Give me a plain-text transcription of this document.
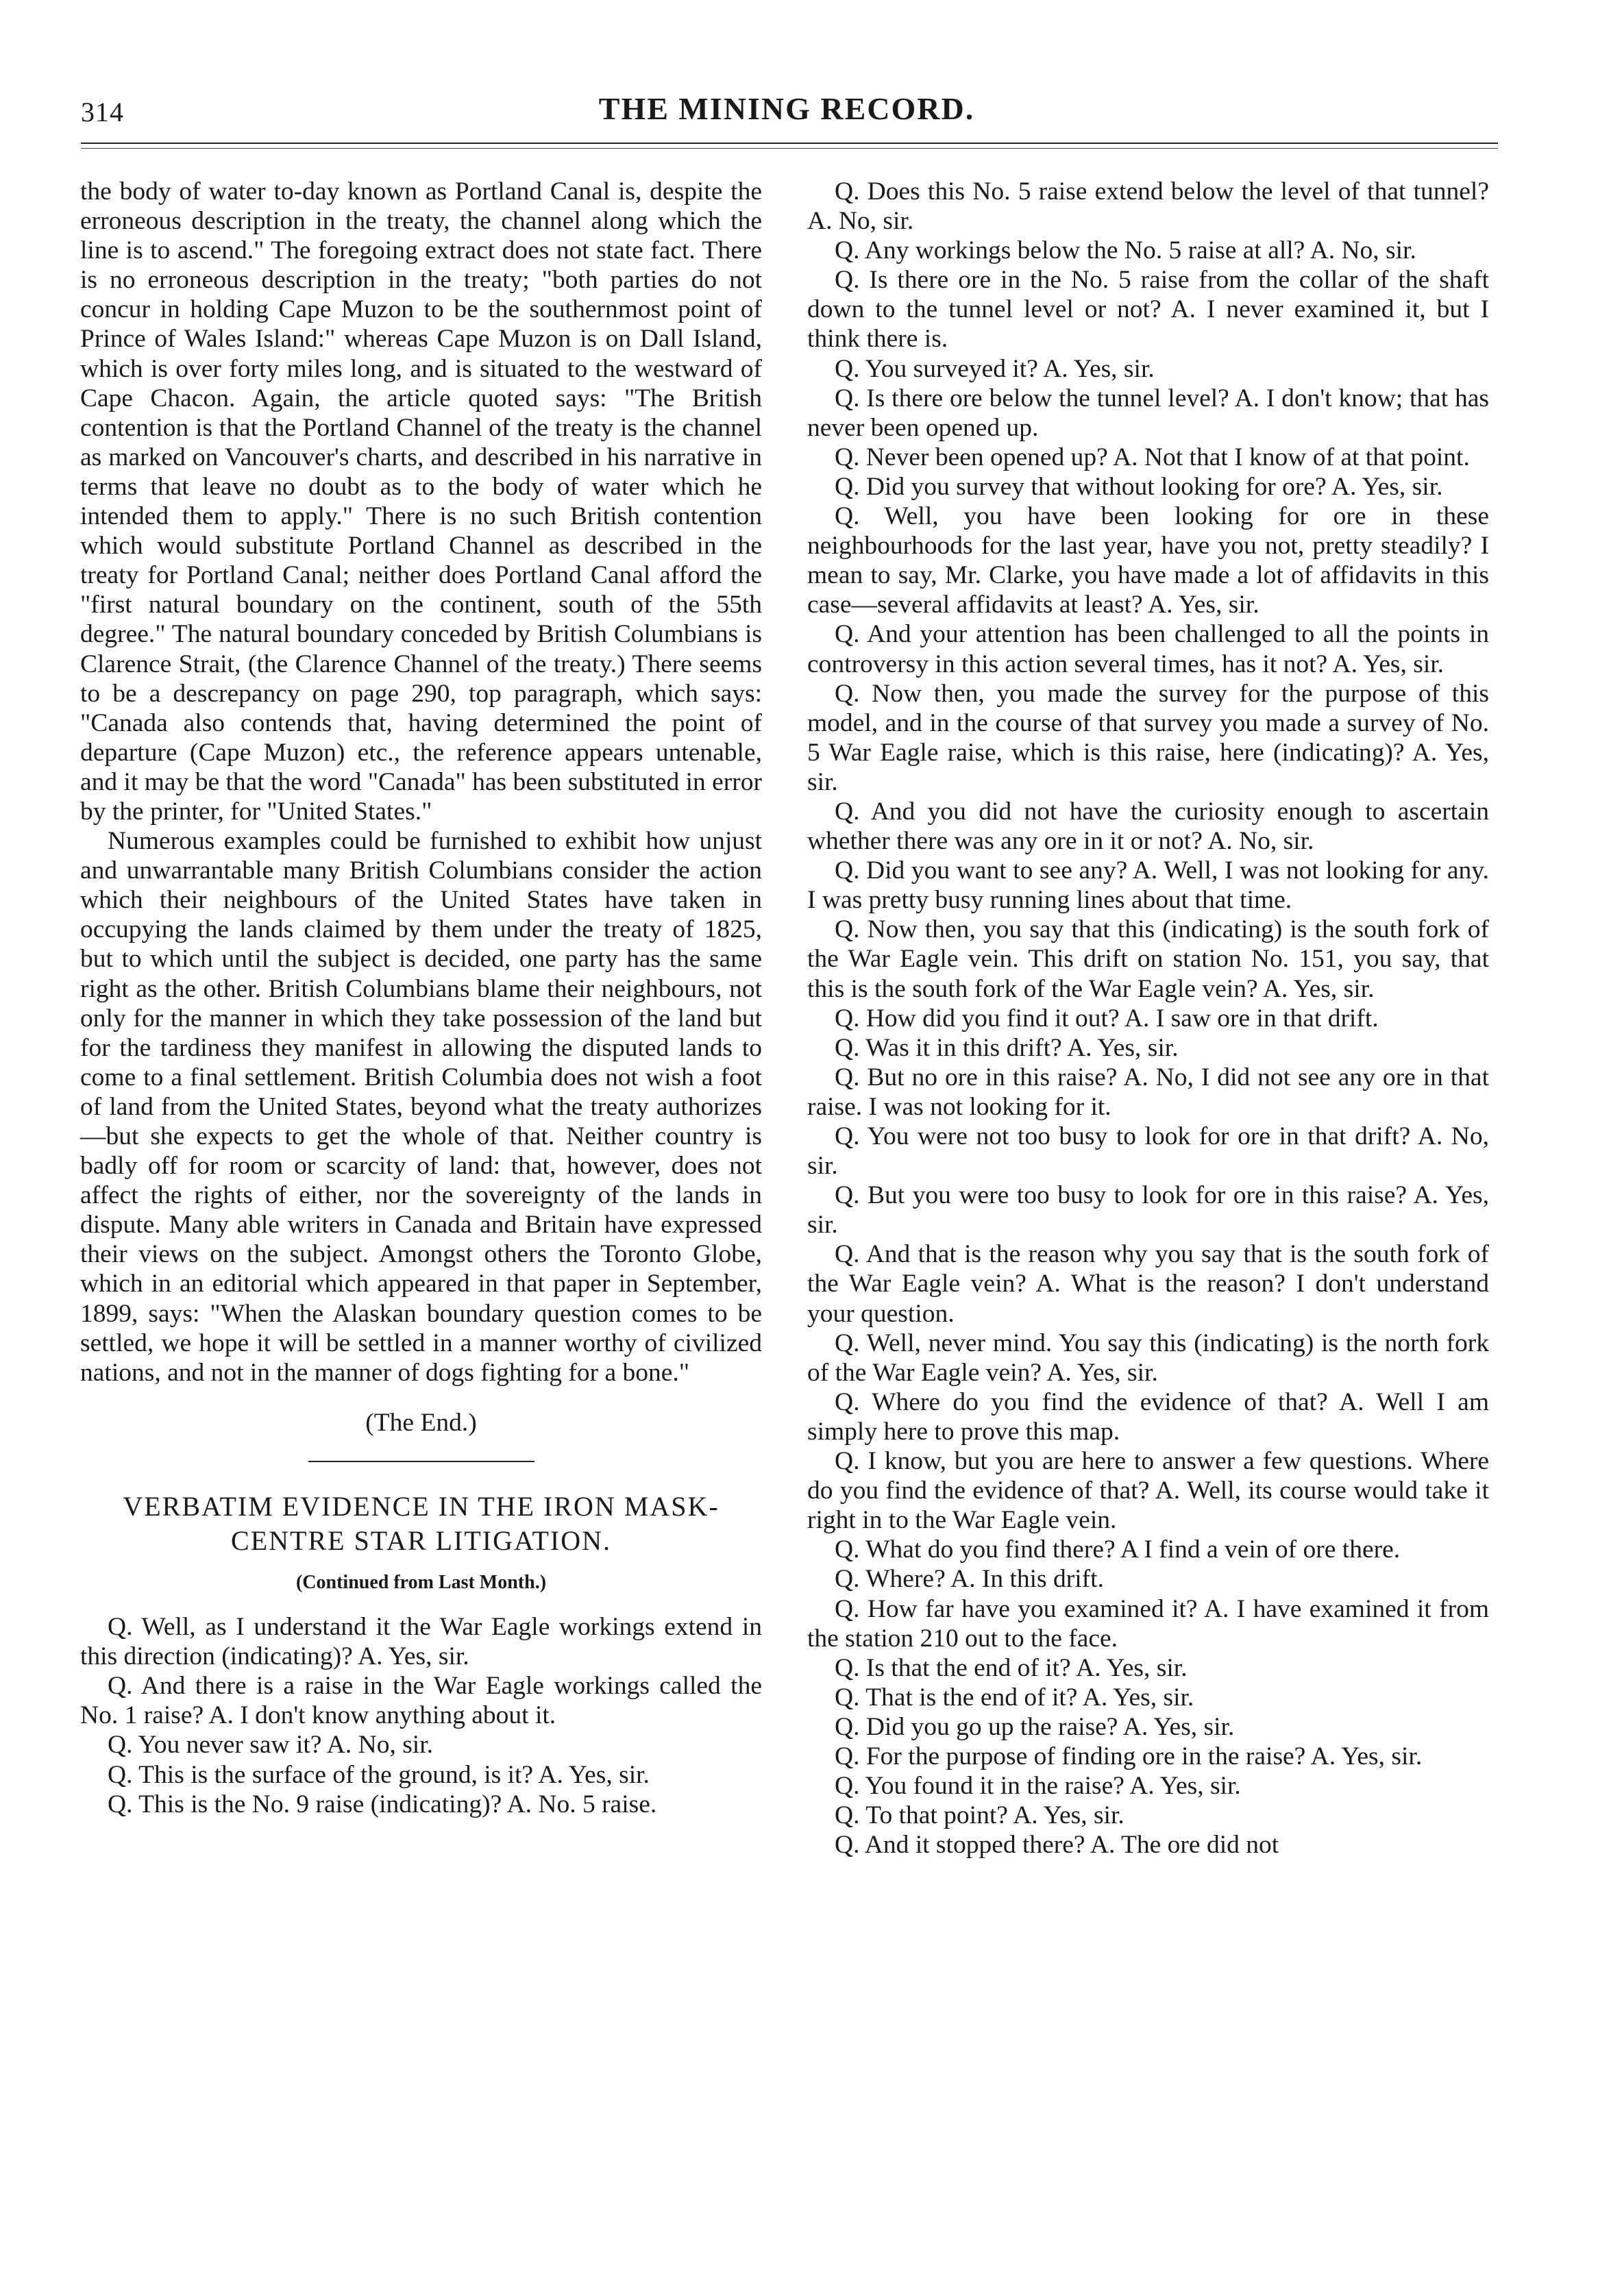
314	THE MINING RECORD.

the body of water to-day known as Portland Canal is, despite the erroneous description in the treaty, the channel along which the line is to ascend." The foregoing extract does not state fact. There is no erroneous description in the treaty; "both parties do not concur in holding Cape Muzon to be the southernmost point of Prince of Wales Island:" whereas Cape Muzon is on Dall Island, which is over forty miles long, and is situated to the westward of Cape Chacon. Again, the article quoted says: "The British contention is that the Portland Channel of the treaty is the channel as marked on Vancouver's charts, and described in his narrative in terms that leave no doubt as to the body of water which he intended them to apply." There is no such British contention which would substitute Portland Channel as described in the treaty for Portland Canal; neither does Portland Canal afford the "first natural boundary on the continent, south of the 55th degree." The natural boundary conceded by British Columbians is Clarence Strait, (the Clarence Channel of the treaty.) There seems to be a descrepancy on page 290, top paragraph, which says: "Canada also contends that, having determined the point of departure (Cape Muzon) etc., the reference appears untenable, and it may be that the word "Canada" has been substituted in error by the printer, for "United States."

Numerous examples could be furnished to exhibit how unjust and unwarrantable many British Columbians consider the action which their neighbours of the United States have taken in occupying the lands claimed by them under the treaty of 1825, but to which until the subject is decided, one party has the same right as the other. British Columbians blame their neighbours, not only for the manner in which they take possession of the land but for the tardiness they manifest in allowing the disputed lands to come to a final settlement. British Columbia does not wish a foot of land from the United States, beyond what the treaty authorizes—but she expects to get the whole of that. Neither country is badly off for room or scarcity of land: that, however, does not affect the rights of either, nor the sovereignty of the lands in dispute. Many able writers in Canada and Britain have expressed their views on the subject. Amongst others the Toronto Globe, which in an editorial which appeared in that paper in September, 1899, says: "When the Alaskan boundary question comes to be settled, we hope it will be settled in a manner worthy of civilized nations, and not in the manner of dogs fighting for a bone."

(The End.)

VERBATIM EVIDENCE IN THE IRON MASK-CENTRE STAR LITIGATION.

(Continued from Last Month.)

Q. Well, as I understand it the War Eagle workings extend in this direction (indicating)? A. Yes, sir.

Q. And there is a raise in the War Eagle workings called the No. 1 raise? A. I don't know anything about it.

Q. You never saw it? A. No, sir.

Q. This is the surface of the ground, is it? A. Yes, sir.

Q. This is the No. 9 raise (indicating)? A. No. 5 raise.

Q. Does this No. 5 raise extend below the level of that tunnel? A. No, sir.

Q. Any workings below the No. 5 raise at all? A. No, sir.

Q. Is there ore in the No. 5 raise from the collar of the shaft down to the tunnel level or not? A. I never examined it, but I think there is.

Q. You surveyed it? A. Yes, sir.

Q. Is there ore below the tunnel level? A. I don't know; that has never been opened up.

Q. Never been opened up? A. Not that I know of at that point.

Q. Did you survey that without looking for ore? A. Yes, sir.

Q. Well, you have been looking for ore in these neighbourhoods for the last year, have you not, pretty steadily? I mean to say, Mr. Clarke, you have made a lot of affidavits in this case—several affidavits at least? A. Yes, sir.

Q. And your attention has been challenged to all the points in controversy in this action several times, has it not? A. Yes, sir.

Q. Now then, you made the survey for the purpose of this model, and in the course of that survey you made a survey of No. 5 War Eagle raise, which is this raise, here (indicating)? A. Yes, sir.

Q. And you did not have the curiosity enough to ascertain whether there was any ore in it or not? A. No, sir.

Q. Did you want to see any? A. Well, I was not looking for any. I was pretty busy running lines about that time.

Q. Now then, you say that this (indicating) is the south fork of the War Eagle vein. This drift on station No. 151, you say, that this is the south fork of the War Eagle vein? A. Yes, sir.

Q. How did you find it out? A. I saw ore in that drift.

Q. Was it in this drift? A. Yes, sir.

Q. But no ore in this raise? A. No, I did not see any ore in that raise. I was not looking for it.

Q. You were not too busy to look for ore in that drift? A. No, sir.

Q. But you were too busy to look for ore in this raise? A. Yes, sir.

Q. And that is the reason why you say that is the south fork of the War Eagle vein? A. What is the reason? I don't understand your question.

Q. Well, never mind. You say this (indicating) is the north fork of the War Eagle vein? A. Yes, sir.

Q. Where do you find the evidence of that? A. Well I am simply here to prove this map.

Q. I know, but you are here to answer a few questions. Where do you find the evidence of that? A. Well, its course would take it right in to the War Eagle vein.

Q. What do you find there? A I find a vein of ore there.

Q. Where? A. In this drift.

Q. How far have you examined it? A. I have examined it from the station 210 out to the face.

Q. Is that the end of it? A. Yes, sir.

Q. That is the end of it? A. Yes, sir.

Q. Did you go up the raise? A. Yes, sir.

Q. For the purpose of finding ore in the raise? A. Yes, sir.

Q. You found it in the raise? A. Yes, sir.

Q. To that point? A. Yes, sir.

Q. And it stopped there? A. The ore did not
